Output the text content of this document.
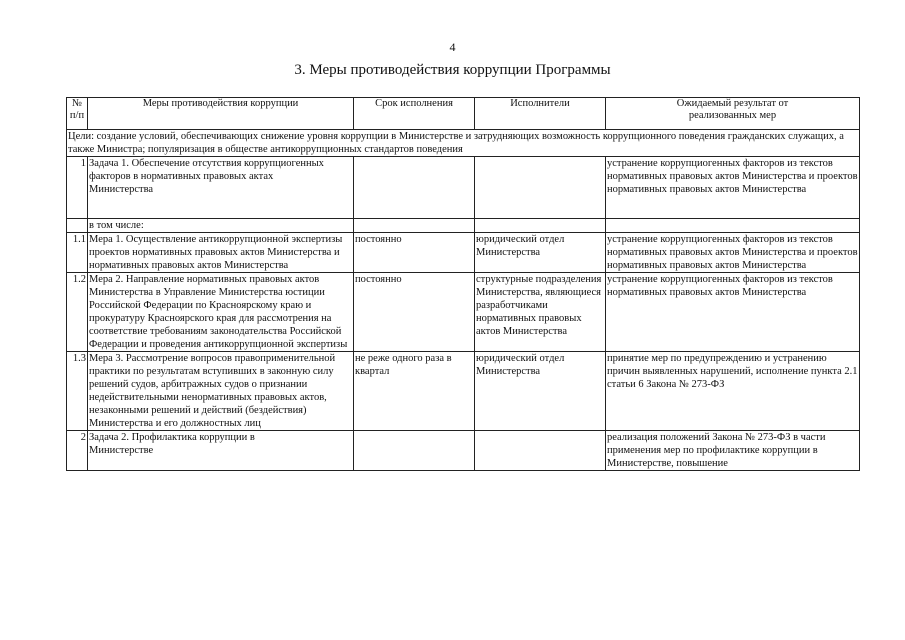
4
3. Меры противодействия коррупции Программы
№ п/п	Меры противодействия коррупции	Срок исполнения	Исполнители	Ожидаемый результат от реализованных мер
Цели: создание условий, обеспечивающих снижение уровня коррупции в Министерстве и затрудняющих возможность коррупционного поведения гражданских служащих, а также Министра; популяризация в обществе антикоррупционных стандартов поведения				
1	Задача 1. Обеспечение отсутствия коррупциогенных факторов в нормативных правовых актах Министерства			устранение коррупциогенных факторов из текстов нормативных правовых актов Министерства и проектов нормативных правовых актов Министерства
	в том числе:			
1.1	Мера 1. Осуществление антикоррупционной экспертизы проектов нормативных правовых актов Министерства и нормативных правовых актов Министерства	постоянно	юридический отдел Министерства	устранение коррупциогенных факторов из текстов нормативных правовых актов Министерства и проектов нормативных правовых актов Министерства
1.2	Мера 2. Направление нормативных правовых актов Министерства в Управление Министерства юстиции Российской Федерации по Красноярскому краю и прокуратуру Красноярского края для рассмотрения на соответствие требованиям законодательства Российской Федерации и проведения антикоррупционной экспертизы	постоянно	структурные подразделения Министерства, являющиеся разработчиками нормативных правовых актов Министерства	устранение коррупциогенных факторов из текстов нормативных правовых актов Министерства
1.3	Мера 3. Рассмотрение вопросов правоприменительной практики по результатам вступивших в законную силу решений судов, арбитражных судов о признании недействительными ненормативных правовых актов, незаконными решений и действий (бездействия) Министерства и его должностных лиц	не реже одного раза в квартал	юридический отдел Министерства	принятие мер по предупреждению и устранению причин выявленных нарушений, исполнение пункта 2.1 статьи 6 Закона № 273-ФЗ
2	Задача 2. Профилактика коррупции в Министерстве			реализация положений Закона № 273-ФЗ в части применения мер по профилактике коррупции в Министерстве, повышение
